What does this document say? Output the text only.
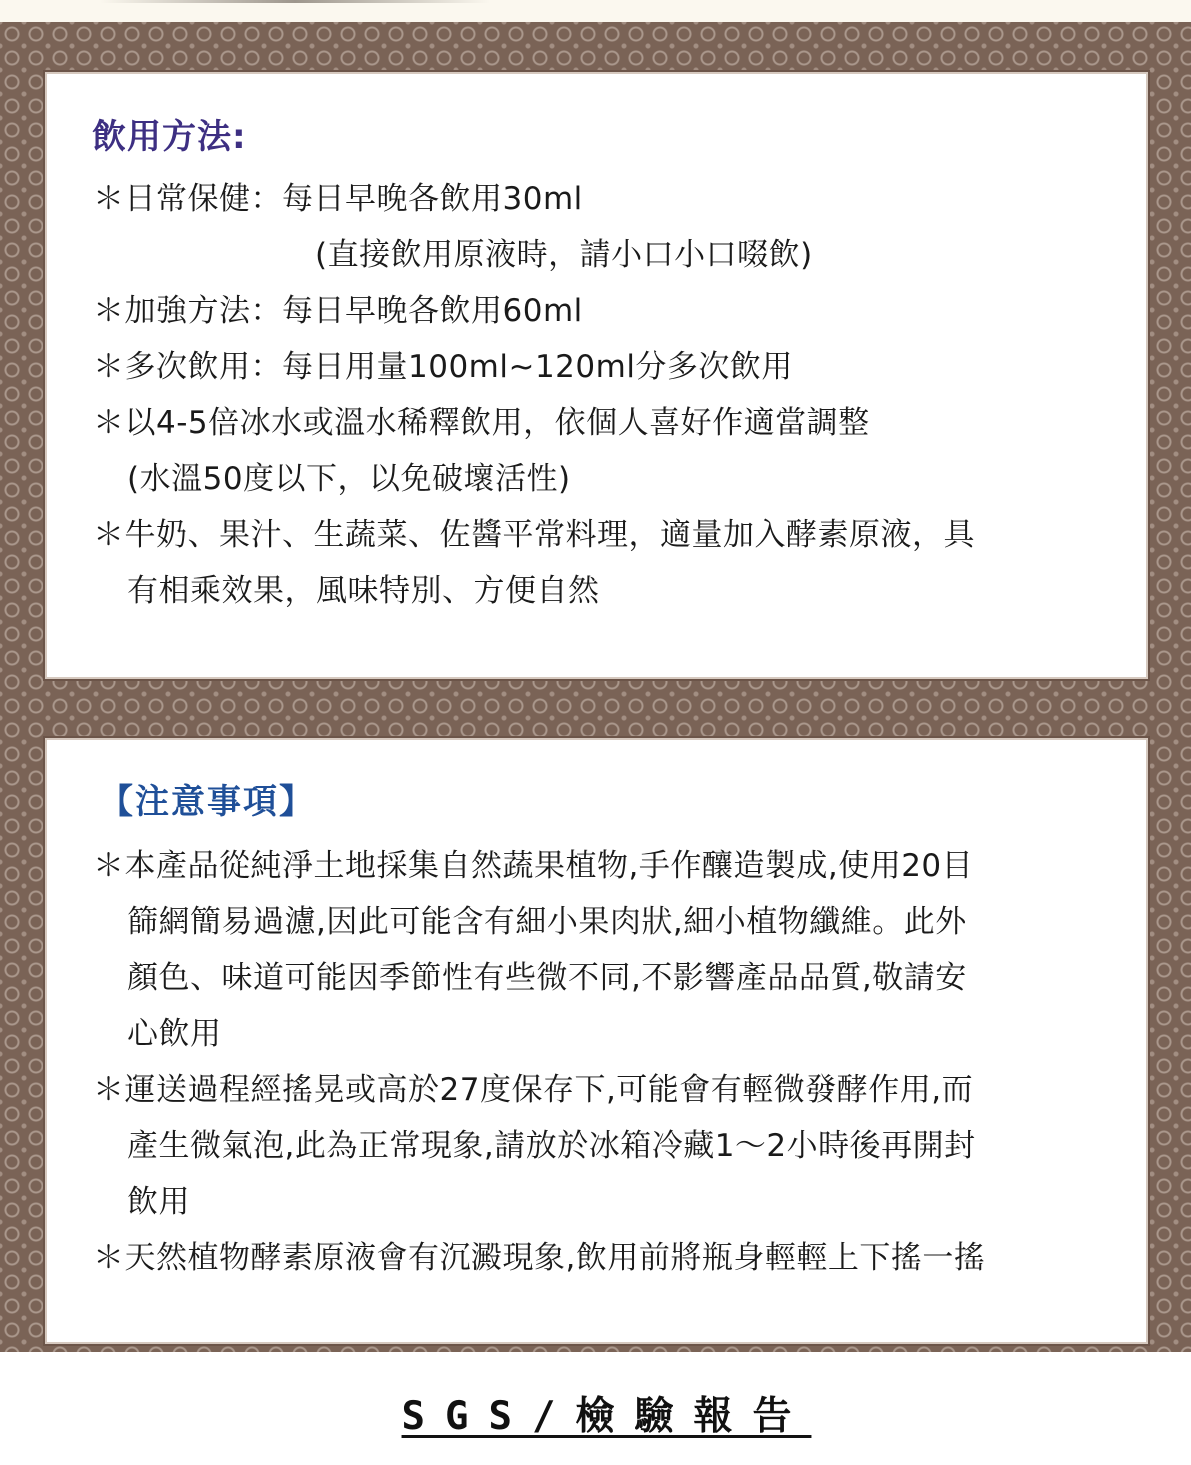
飲用方法:
＊日常保健：每日早晚各飲用30ml
(直接飲用原液時，請小口小口啜飲)
＊加強方法：每日早晚各飲用60ml
＊多次飲用：每日用量100ml~120ml分多次飲用
＊以4-5倍冰水或溫水稀釋飲用，依個人喜好作適當調整
(水溫50度以下，以免破壞活性)
＊牛奶、果汁、生蔬菜、佐醬平常料理，適量加入酵素原液，具
有相乘效果，風味特別、方便自然
【注意事項】
＊本產品從純淨土地採集自然蔬果植物,手作釀造製成,使用20目
篩網簡易過濾,因此可能含有細小果肉狀,細小植物纖維。此外
顏色、味道可能因季節性有些微不同,不影響產品品質,敬請安
心飲用
＊運送過程經搖晃或高於27度保存下,可能會有輕微發酵作用,而
產生微氣泡,此為正常現象,請放於冰箱冷藏1～2小時後再開封
飲用
＊天然植物酵素原液會有沉澱現象,飲用前將瓶身輕輕上下搖一搖
SGS/檢驗報告
